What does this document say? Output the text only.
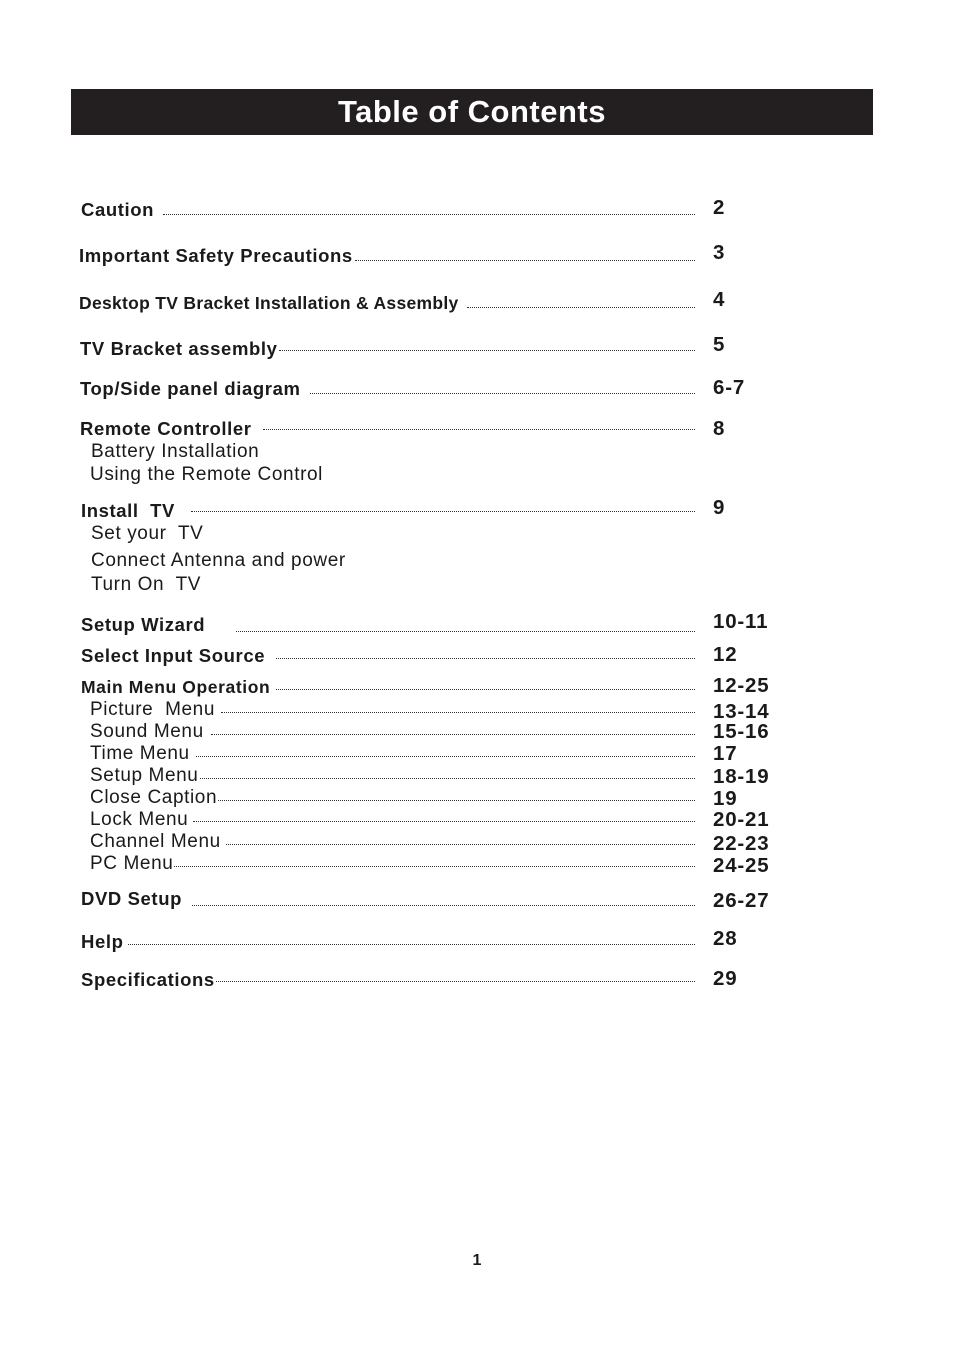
Table of Contents
Caution	2
Important Safety Precautions	3
Desktop TV Bracket Installation & Assembly	4
TV Bracket assembly	5
Top/Side panel diagram	6-7
Remote Controller	8
Battery Installation
Using the Remote Control
Install  TV	9
Set your  TV
Connect Antenna and power
Turn On  TV
Setup Wizard	10-11
Select Input Source	12
Main Menu Operation	12-25
Picture  Menu	13-14
Sound Menu	15-16
Time Menu	17
Setup Menu	18-19
Close Caption	19
Lock Menu	20-21
Channel Menu	22-23
PC Menu	24-25
DVD Setup	26-27
Help	28
Specifications	29
1
